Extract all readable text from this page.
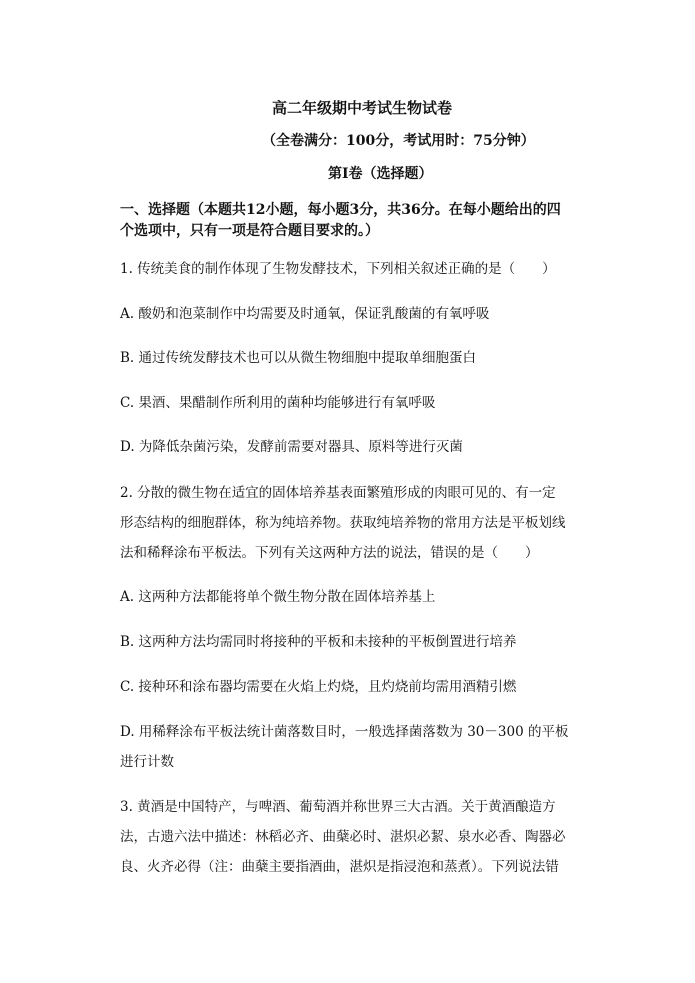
高二年级期中考试生物试卷
（全卷满分：100分，考试用时：75分钟）
第Ⅰ卷（选择题）
一、选择题（本题共12小题，每小题3分，共36分。在每小题给出的四
个选项中，只有一项是符合题目要求的。）
1. 传统美食的制作体现了生物发酵技术，下列相关叙述正确的是（　　）
A. 酸奶和泡菜制作中均需要及时通氧，保证乳酸菌的有氧呼吸
B. 通过传统发酵技术也可以从微生物细胞中提取单细胞蛋白
C. 果酒、果醋制作所利用的菌种均能够进行有氧呼吸
D. 为降低杂菌污染，发酵前需要对器具、原料等进行灭菌
2. 分散的微生物在适宜的固体培养基表面繁殖形成的肉眼可见的、有一定
形态结构的细胞群体，称为纯培养物。获取纯培养物的常用方法是平板划线
法和稀释涂布平板法。下列有关这两种方法的说法，错误的是（　　）
A. 这两种方法都能将单个微生物分散在固体培养基上
B. 这两种方法均需同时将接种的平板和未接种的平板倒置进行培养
C. 接种环和涂布器均需要在火焰上灼烧，且灼烧前均需用酒精引燃
D. 用稀释涂布平板法统计菌落数目时，一般选择菌落数为 30－300 的平板
进行计数
3. 黄酒是中国特产，与啤酒、葡萄酒并称世界三大古酒。关于黄酒酿造方
法，古遗六法中描述：林稻必齐、曲蘖必时、湛炽必絜、泉水必香、陶器必
良、火齐必得（注：曲蘖主要指酒曲，湛炽是指浸泡和蒸煮）。下列说法错
